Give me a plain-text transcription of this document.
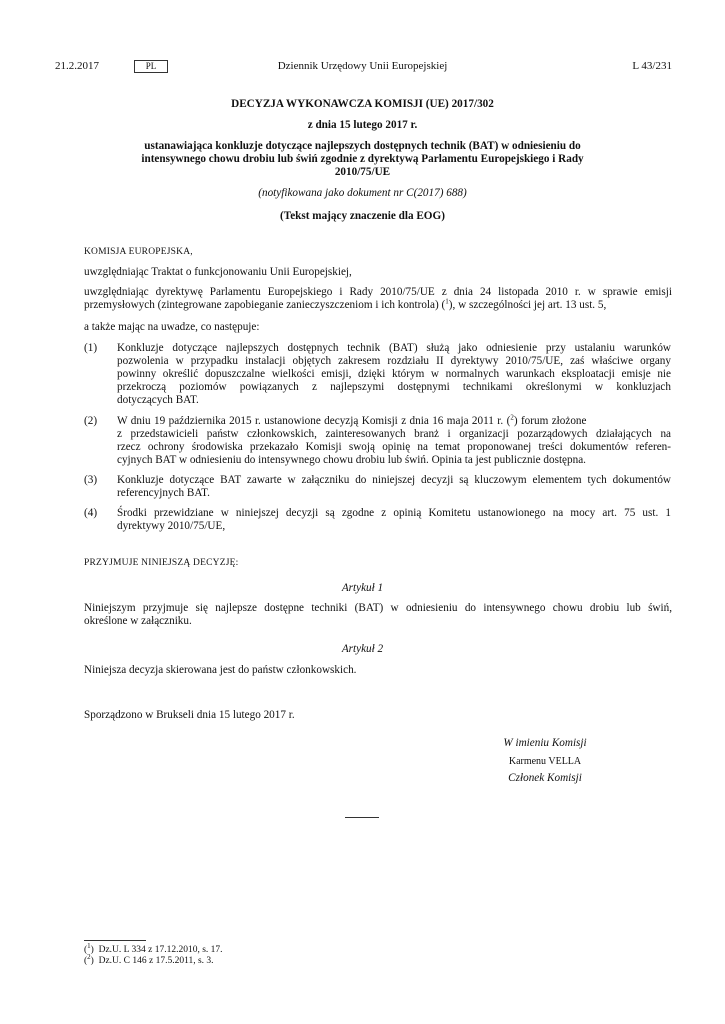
21.2.2017	PL	Dziennik Urzędowy Unii Europejskiej	L 43/231
DECYZJA WYKONAWCZA KOMISJI (UE) 2017/302
z dnia 15 lutego 2017 r.
ustanawiająca konkluzje dotyczące najlepszych dostępnych technik (BAT) w odniesieniu do
intensywnego chowu drobiu lub świń zgodnie z dyrektywą Parlamentu Europejskiego i Rady
2010/75/UE
(notyfikowana jako dokument nr C(2017) 688)
(Tekst mający znaczenie dla EOG)
KOMISJA EUROPEJSKA,
uwzględniając Traktat o funkcjonowaniu Unii Europejskiej,
uwzględniając dyrektywę Parlamentu Europejskiego i Rady 2010/75/UE z dnia 24 listopada 2010 r. w sprawie emisji
przemysłowych (zintegrowane zapobieganie zanieczyszczeniom i ich kontrola) ($^1$), w szczególności jej art. 13 ust. 5,
a także mając na uwadze, co następuje:
(1) Konkluzje dotyczące najlepszych dostępnych technik (BAT) służą jako odniesienie przy ustalaniu warunków
pozwolenia w przypadku instalacji objętych zakresem rozdziału II dyrektywy 2010/75/UE, zaś właściwe organy
powinny określić dopuszczalne wielkości emisji, dzięki którym w normalnych warunkach eksploatacji emisje nie
przekroczą poziomów powiązanych z najlepszymi dostępnymi technikami określonymi w konkluzjach
dotyczących BAT.
(2) W dniu 19 października 2015 r. ustanowione decyzją Komisji z dnia 16 maja 2011 r. ($^2$) forum złożone
z przedstawicieli państw członkowskich, zainteresowanych branż i organizacji pozarządowych działających na
rzecz ochrony środowiska przekazało Komisji swoją opinię na temat proponowanej treści dokumentów referen-
cyjnych BAT w odniesieniu do intensywnego chowu drobiu lub świń. Opinia ta jest publicznie dostępna.
(3) Konkluzje dotyczące BAT zawarte w załączniku do niniejszej decyzji są kluczowym elementem tych dokumentów
referencyjnych BAT.
(4) Środki przewidziane w niniejszej decyzji są zgodne z opinią Komitetu ustanowionego na mocy art. 75 ust. 1
dyrektywy 2010/75/UE,
PRZYJMUJE NINIEJSZĄ DECYZJĘ:
Artykuł 1
Niniejszym przyjmuje się najlepsze dostępne techniki (BAT) w odniesieniu do intensywnego chowu drobiu lub świń,
określone w załączniku.
Artykuł 2
Niniejsza decyzja skierowana jest do państw członkowskich.
Sporządzono w Brukseli dnia 15 lutego 2017 r.
W imieniu Komisji
Karmenu VELLA
Członek Komisji
($^1$)  Dz.U. L 334 z 17.12.2010, s. 17.
($^2$)  Dz.U. C 146 z 17.5.2011, s. 3.
